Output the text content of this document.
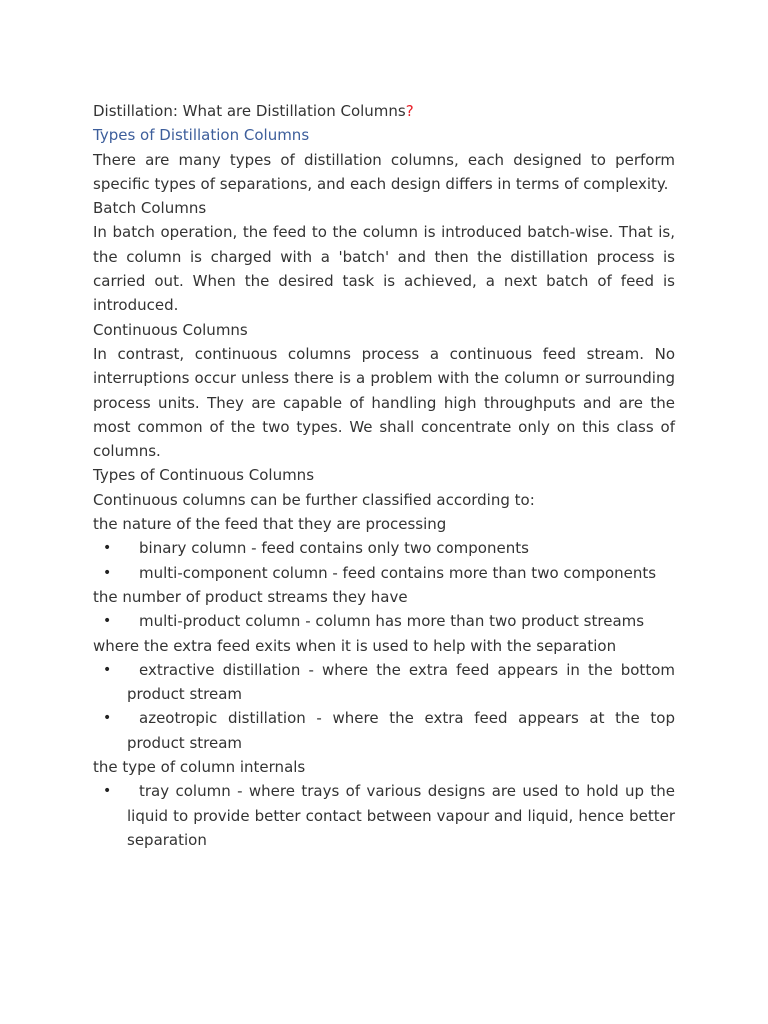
Distillation: What are Distillation Columns?

Types of Distillation Columns

There are many types of distillation columns, each designed to perform specific types of separations, and each design differs in terms of complexity.

Batch Columns

In batch operation, the feed to the column is introduced batch-wise. That is, the column is charged with a 'batch' and then the distillation process is carried out. When the desired task is achieved, a next batch of feed is introduced.

Continuous Columns

In contrast, continuous columns process a continuous feed stream. No interruptions occur unless there is a problem with the column or surrounding process units. They are capable of handling high throughputs and are the most common of the two types. We shall concentrate only on this class of columns.

Types of Continuous Columns

Continuous columns can be further classified according to:

the nature of the feed that they are processing

•	binary column - feed contains only two components
•	multi-component column - feed contains more than two components

the number of product streams they have

•	multi-product column - column has more than two product streams

where the extra feed exits when it is used to help with the separation

•	extractive distillation - where the extra feed appears in the bottom product stream
•	azeotropic distillation - where the extra feed appears at the top product stream

the type of column internals

•	tray column - where trays of various designs are used to hold up the liquid to provide better contact between vapour and liquid, hence better separation
